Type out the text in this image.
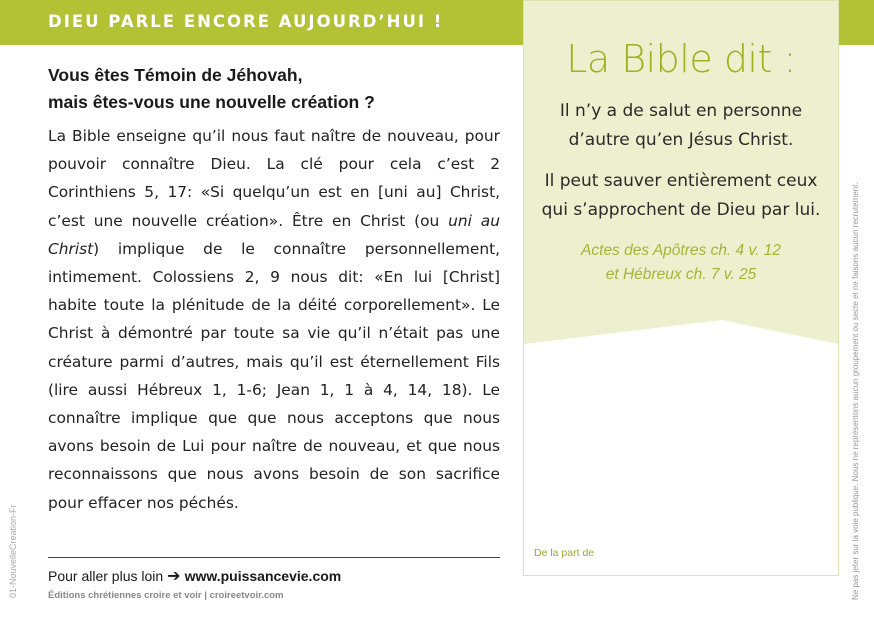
DIEU PARLE ENCORE AUJOURD’HUI !
Vous êtes Témoin de Jéhovah,
mais êtes-vous une nouvelle création ?
La Bible enseigne qu’il nous faut naître de nouveau, pour pouvoir connaître Dieu. La clé pour cela c’est 2 Corinthiens 5, 17: «Si quelqu’un est en [uni au] Christ, c’est une nouvelle création». Être en Christ (ou uni au Christ) implique de le connaître personnellement, intimement. Colossiens 2, 9 nous dit: «En lui [Christ] habite toute la plénitude de la déité corporellement». Le Christ à démontré par toute sa vie qu’il n’était pas une créature parmi d’autres, mais qu’il est éternellement Fils (lire aussi Hébreux 1, 1-6; Jean 1, 1 à 4, 14, 18). Le connaître implique que que nous acceptons que nous avons besoin de Lui pour naître de nouveau, et que nous reconnaissons que nous avons besoin de son sacrifice pour effacer nos péchés.
Pour aller plus loin ➔ www.puissancevie.com
Éditions chrétiennes croire et voir | croireetvoir.com
01-NouvelleCreation-Fr
La Bible dit :
Il n’y a de salut en personne
d’autre qu’en Jésus Christ.
Il peut sauver entièrement ceux
qui s’approchent de Dieu par lui.
Actes des Apôtres ch. 4 v. 12
et Hébreux ch. 7 v. 25
De la part de	Ne pas jeter sur la voie publique. Nous ne représentons aucun groupement ou secte et ne faisons aucun recrutement.
